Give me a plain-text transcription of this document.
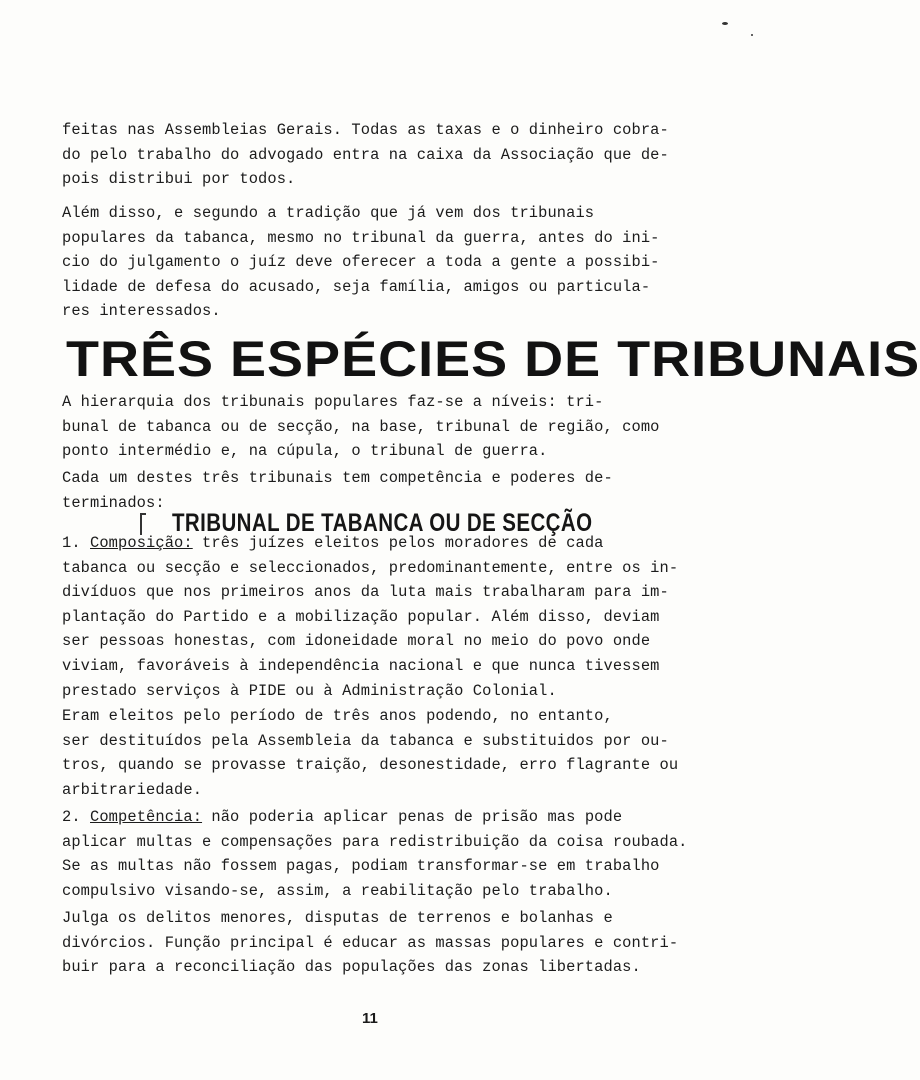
feitas nas Assembleias Gerais. Todas as taxas e o dinheiro cobra-
do pelo trabalho do advogado entra na caixa da Associação que de-
pois distribui por todos.

Além disso, e segundo a tradição que já vem dos tribunais
populares da tabanca, mesmo no tribunal da guerra, antes do ini-
cio do julgamento o juíz deve oferecer a toda a gente a possibi-
lidade de defesa do acusado, seja família, amigos ou particula-
res interessados.

TRÊS ESPÉCIES DE TRIBUNAIS

A hierarquia dos tribunais populares faz-se a níveis: tri-
bunal de tabanca ou de secção, na base, tribunal de região, como
ponto intermédio e, na cúpula, o tribunal de guerra.

Cada um destes três tribunais tem competência e poderes de-
terminados:

TRIBUNAL DE TABANCA OU DE SECÇÃO

1. Composição: três juízes eleitos pelos moradores de cada
tabanca ou secção e seleccionados, predominantemente, entre os in-
divíduos que nos primeiros anos da luta mais trabalharam para im-
plantação do Partido e a mobilização popular. Além disso, deviam
ser pessoas honestas, com idoneidade moral no meio do povo onde
viviam, favoráveis à independência nacional e que nunca tivessem
prestado serviços à PIDE ou à Administração Colonial.

Eram eleitos pelo período de três anos podendo, no entanto,
ser destituídos pela Assembleia da tabanca e substituidos por ou-
tros, quando se provasse traição, desonestidade, erro flagrante ou
arbitrariedade.

2. Competência: não poderia aplicar penas de prisão mas pode
aplicar multas e compensações para redistribuição da coisa roubada.
Se as multas não fossem pagas, podiam transformar-se em trabalho
compulsivo visando-se, assim, a reabilitação pelo trabalho.

Julga os delitos menores, disputas de terrenos e bolanhas e
divórcios. Função principal é educar as massas populares e contri-
buir para a reconciliação das populações das zonas libertadas.

11
